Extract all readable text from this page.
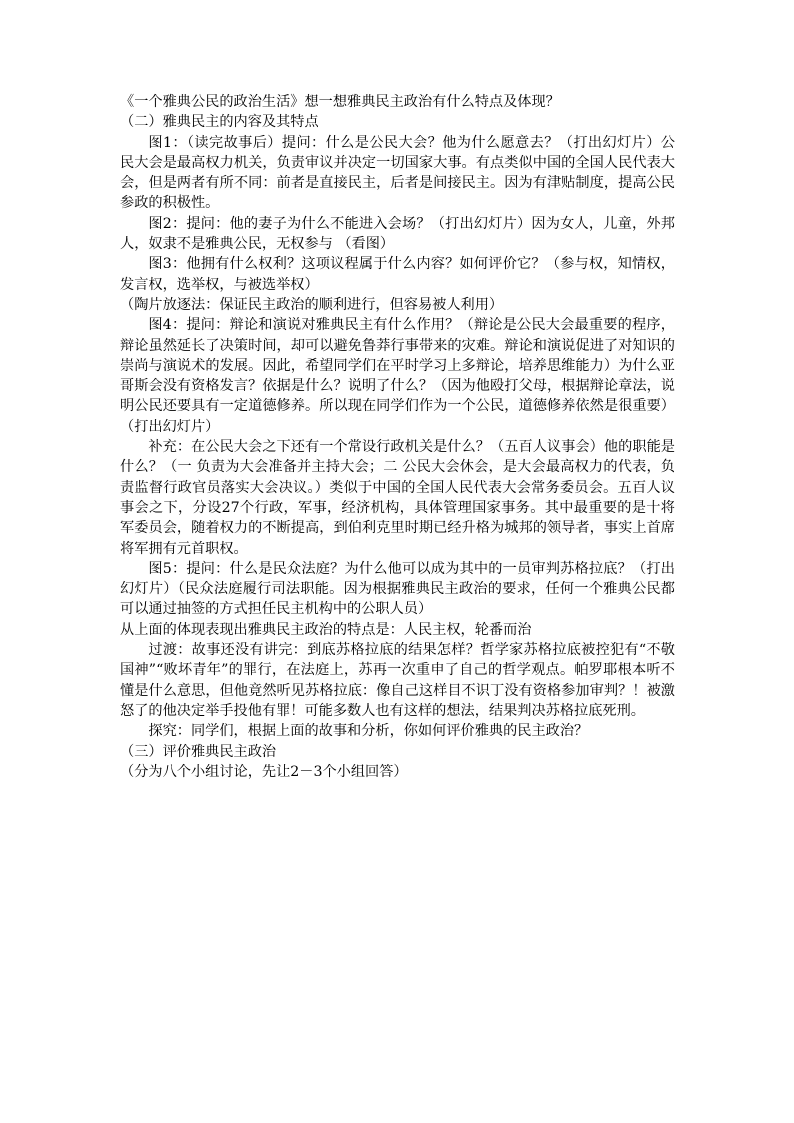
《一个雅典公民的政治生活》想一想雅典民主政治有什么特点及体现？

（二）雅典民主的内容及其特点

图1：（读完故事后）提问：什么是公民大会？他为什么愿意去？（打出幻灯片）公民大会是最高权力机关，负责审议并决定一切国家大事。有点类似中国的全国人民代表大会，但是两者有所不同：前者是直接民主，后者是间接民主。因为有津贴制度，提高公民参政的积极性。

图2：提问：他的妻子为什么不能进入会场？（打出幻灯片）因为女人，儿童，外邦人，奴隶不是雅典公民，无权参与 （看图）

图3：他拥有什么权利？这项议程属于什么内容？如何评价它？（参与权，知情权，发言权，选举权，与被选举权）

（陶片放逐法：保证民主政治的顺利进行，但容易被人利用）

图4：提问：辩论和演说对雅典民主有什么作用？（辩论是公民大会最重要的程序，辩论虽然延长了决策时间，却可以避免鲁莽行事带来的灾难。辩论和演说促进了对知识的崇尚与演说术的发展。因此，希望同学们在平时学习上多辩论，培养思维能力）为什么亚哥斯会没有资格发言？依据是什么？说明了什么？（因为他殴打父母，根据辩论章法，说明公民还要具有一定道德修养。所以现在同学们作为一个公民，道德修养依然是很重要）（打出幻灯片）

补充：在公民大会之下还有一个常设行政机关是什么？（五百人议事会）他的职能是什么？（一 负责为大会准备并主持大会；二 公民大会休会，是大会最高权力的代表，负责监督行政官员落实大会决议。）类似于中国的全国人民代表大会常务委员会。五百人议事会之下，分设27个行政，军事，经济机构，具体管理国家事务。其中最重要的是十将军委员会，随着权力的不断提高，到伯利克里时期已经升格为城邦的领导者，事实上首席将军拥有元首职权。

图5：提问：什么是民众法庭？为什么他可以成为其中的一员审判苏格拉底？（打出幻灯片）（民众法庭履行司法职能。因为根据雅典民主政治的要求，任何一个雅典公民都可以通过抽签的方式担任民主机构中的公职人员）

从上面的体现表现出雅典民主政治的特点是：人民主权，轮番而治

过渡：故事还没有讲完：到底苏格拉底的结果怎样？哲学家苏格拉底被控犯有“不敬国神”“败坏青年”的罪行，在法庭上，苏再一次重申了自己的哲学观点。帕罗耶根本听不懂是什么意思，但他竟然听见苏格拉底：像自己这样目不识丁没有资格参加审判？！被激怒了的他决定举手投他有罪！可能多数人也有这样的想法，结果判决苏格拉底死刑。

探究：同学们，根据上面的故事和分析，你如何评价雅典的民主政治？

（三）评价雅典民主政治

（分为八个小组讨论，先让2－3个小组回答）
